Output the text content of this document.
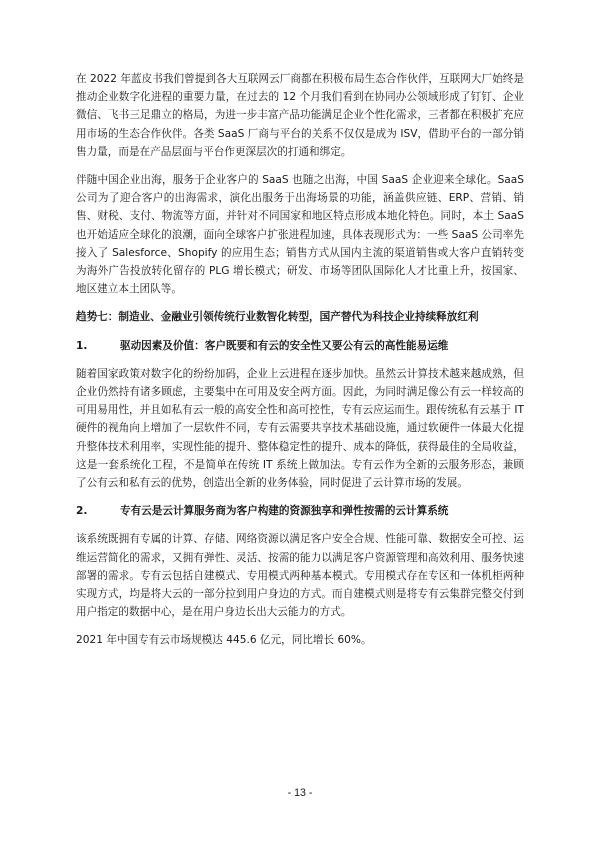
在 2022 年蓝皮书我们曾提到各大互联网云厂商都在积极布局生态合作伙伴，互联网大厂始终是推动企业数字化进程的重要力量，在过去的 12 个月我们看到在协同办公领域形成了钉钉、企业微信、飞书三足鼎立的格局，为进一步丰富产品功能满足企业个性化需求，三者都在积极扩充应用市场的生态合作伙伴。各类 SaaS 厂商与平台的关系不仅仅是成为 ISV，借助平台的一部分销售力量，而是在产品层面与平台作更深层次的打通和绑定。

伴随中国企业出海，服务于企业客户的 SaaS 也随之出海，中国 SaaS 企业迎来全球化。SaaS 公司为了迎合客户的出海需求，演化出服务于出海场景的功能，涵盖供应链、ERP、营销、销售、财税、支付、物流等方面，并针对不同国家和地区特点形成本地化特色。同时，本土 SaaS 也开始适应全球化的浪潮，面向全球客户扩张进程加速，具体表现形式为：一些 SaaS 公司率先接入了 Salesforce、Shopify 的应用生态；销售方式从国内主流的渠道销售或大客户直销转变为海外广告投放转化留存的 PLG 增长模式；研发、市场等团队国际化人才比重上升，按国家、地区建立本土团队等。

趋势七：制造业、金融业引领传统行业数智化转型，国产替代为科技企业持续释放红利

1.	驱动因素及价值：客户既要和有云的安全性又要公有云的高性能易运维

随着国家政策对数字化的纷纷加码，企业上云进程在逐步加快。虽然云计算技术越来越成熟，但企业仍然持有诸多顾虑，主要集中在可用及安全两方面。因此，为同时满足像公有云一样较高的可用易用性，并且如私有云一般的高安全性和高可控性，专有云应运而生。跟传统私有云基于 IT 硬件的视角向上增加了一层软件不同，专有云需要共享技术基础设施，通过软硬件一体最大化提升整体技术利用率，实现性能的提升、整体稳定性的提升、成本的降低，获得最佳的全局收益，这是一套系统化工程，不是简单在传统 IT 系统上做加法。专有云作为全新的云服务形态，兼顾了公有云和私有云的优势，创造出全新的业务体验，同时促进了云计算市场的发展。

2.	专有云是云计算服务商为客户构建的资源独享和弹性按需的云计算系统

该系统既拥有专属的计算、存储、网络资源以满足客户安全合规、性能可靠、数据安全可控、运维运营简化的需求，又拥有弹性、灵活、按需的能力以满足客户资源管理和高效利用、服务快速部署的需求。专有云包括自建模式、专用模式两种基本模式。专用模式存在专区和一体机柜两种实现方式，均是将大云的一部分拉到用户身边的方式。而自建模式则是将专有云集群完整交付到用户指定的数据中心，是在用户身边长出大云能力的方式。

2021 年中国专有云市场规模达 445.6 亿元，同比增长 60%。

- 13 -
